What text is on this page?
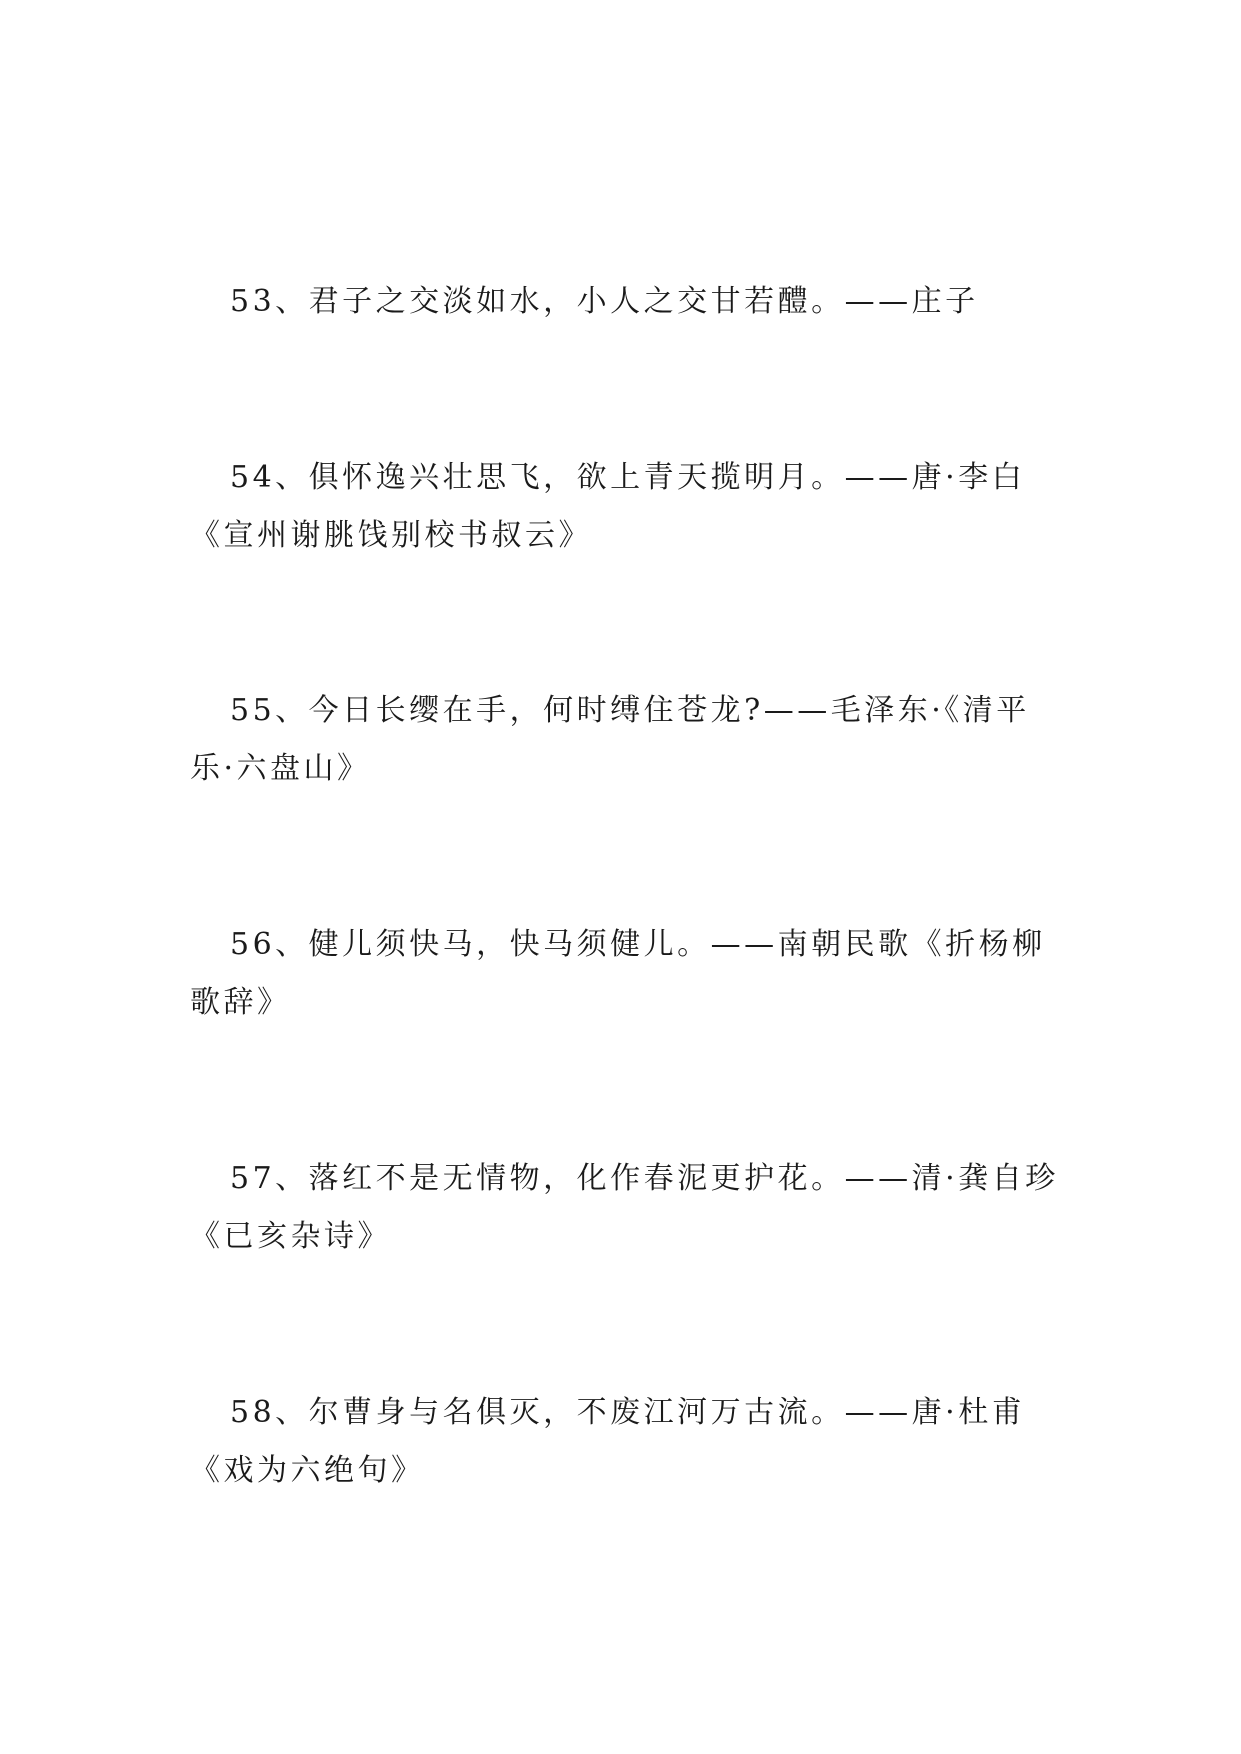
53、君子之交淡如水，小人之交甘若醴。——庄子

54、俱怀逸兴壮思飞，欲上青天揽明月。——唐·李白《宣州谢朓饯别校书叔云》

55、今日长缨在手，何时缚住苍龙?——毛泽东·《清平乐·六盘山》

56、健儿须快马，快马须健儿。——南朝民歌《折杨柳歌辞》

57、落红不是无情物，化作春泥更护花。——清·龚自珍《已亥杂诗》

58、尔曹身与名俱灭，不废江河万古流。——唐·杜甫《戏为六绝句》
